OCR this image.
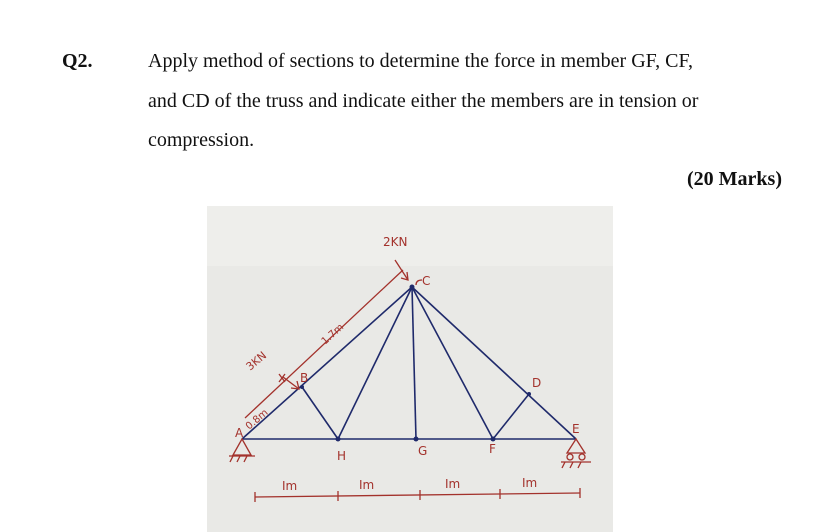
Q2.	Apply method of sections to determine the force in member GF, CF,
and CD of the truss and indicate either the members are in tension or
compression.
(20 Marks)
2KN
C
3KN
1.7m
0.8m
A
B	D
E
H	G	F
Im	Im	Im	Im
